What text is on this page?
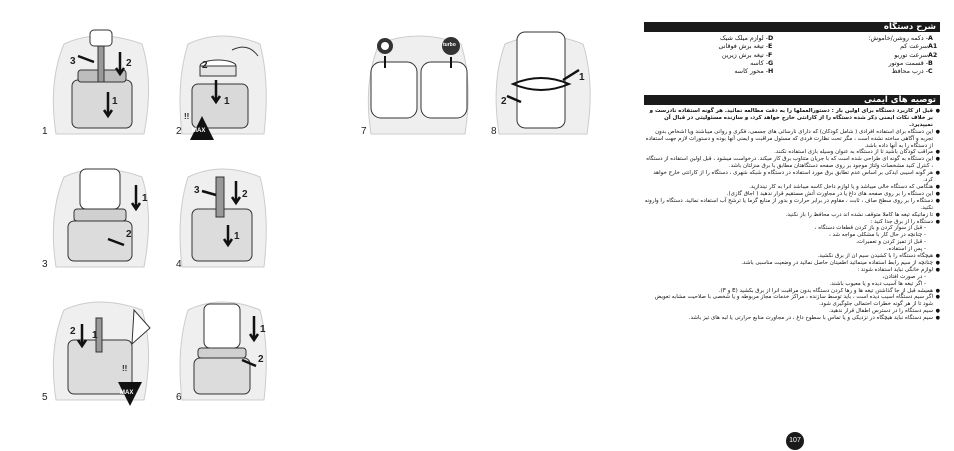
1
3	2
1
2
2
1
!!
MAX
3
1
2
4
3	2
1
5
2 1
!!
MAX	6
1
2
7
turbo
8
1
2
شرح دستگاه
A
- دکمه روشن/خاموش:
A1
سرعت کم
A2
سرعت توربو
B
- قسمت موتور
C
- درب محافظ
D
- لوازم میلک شیک
E
- تیغه برش فوقانی
F
- تیغه برش زیرین
G
- کاسه
H
- محور کاسه
توصیه های ایمنی
● قبل از کاربرد دستگاه برای اولین بار : دستورالعملها را به دقت مطالعه نمائید. هر گونه استفاده نادرست و بر خلاف نکات ایمنی ذکر شده دستگاه را از کارانتی خارج خواهد کرد، و سازنده مسئولیتی در قبال آن نمیپذیرد.
● این دستگاه برای استفاده افرادی ( شامل کودکان) که دارای نارسائی های جسمی، فکری و روانی میباشند ویا اشخاص بدون تجربه و آگاهی ساخته نشده است ، مگر تحت نظارت فردی که مسئول مراقبت و ایمنی آنها بوده و دستورات لازم جهت استفاده از دستگاه را به آنها داده باشد.
● مراقب کودکان باشید تا از دستگاه به عنوان وسیله بازی استفاده نکنند.
● این دستگاه به گونه ای طراحی شده است که با جریان متناوب برق کار میکند. درخواست میشود ، قبل اولین استفاده از دستگاه ، کنترل کنید مشخصات ولتاژ موجود بر روی صفحه دستگاهتان مطابق با برق منزلتان باشد.
● هر گونه اسیبی ایدکی بر اساس عدم تطابق برق مورد استفاده در دستگاه و شبکه شهری ، دستگاه را از کارانتی خارج خواهد کرد.
● هنگامی که دستگاه خالی میباشد و یا لوازم داخل کاسه میباشد انرا به کار نیندازید.
● این دستگاه را بر روی صفحه های داغ یا در مجاورت آتش مستقیم قرار ندهید ( اجاق گازی).
● دستگاه را بر روی سطح صاف ، ثابت ، مقاوم در برابر حرارت و بدور از منابع گرما یا ترشح آب استفاده نمائید. دستگاه را وارونه نکنید.
● تا زمانیکه تیغه ها کاملا متوقف نشده اند درب محافظ را باز نکنید.
● دستگاه را از برق جدا کنید :
- قبل از سوار کردن و باز کردن قطعات دستگاه ،
- چنانچه در حال کار با مشکلی مواجه شد ،
- قبل از تمیز کردن و تعمیرات،
- پس از استفاده.
● هیچگاه دستگاه را با کشیدن سیم ان از برق نکشید.
● چنانچه از سیم رابط استفاده مینمائید اطمینان حاصل نمائید در وضعیت مناسبی باشد.
● لوازم خانگی نباید استفاده شوند :
- در صورت افتادن،
- اگر تیغه ها آسیب دیده و یا معیوب باشند.
● همیشه قبل از جا گذاشتن تیغه ها و رها کردن دستگاه بدون مراقبت انرا از برق بکشید (E و F).
● اگر سیم دستگاه اسیب دیده است ، باید توسط سازنده ، مراکز خدمات مجاز مربوطه و یا شخصی با صلاحیت مشابه تعویض شود تا از هر گونه خطرات احتمالی جلوگیری شود.
● سیم دستگاه را در دسترس اطفال قرار ندهید.
● سیم دستگاه نباید هیچگاه در نزدیکی و یا تماس با سطوح داغ ، در مجاورت منابع حرارتی یا لبه های تیز باشد.
107
